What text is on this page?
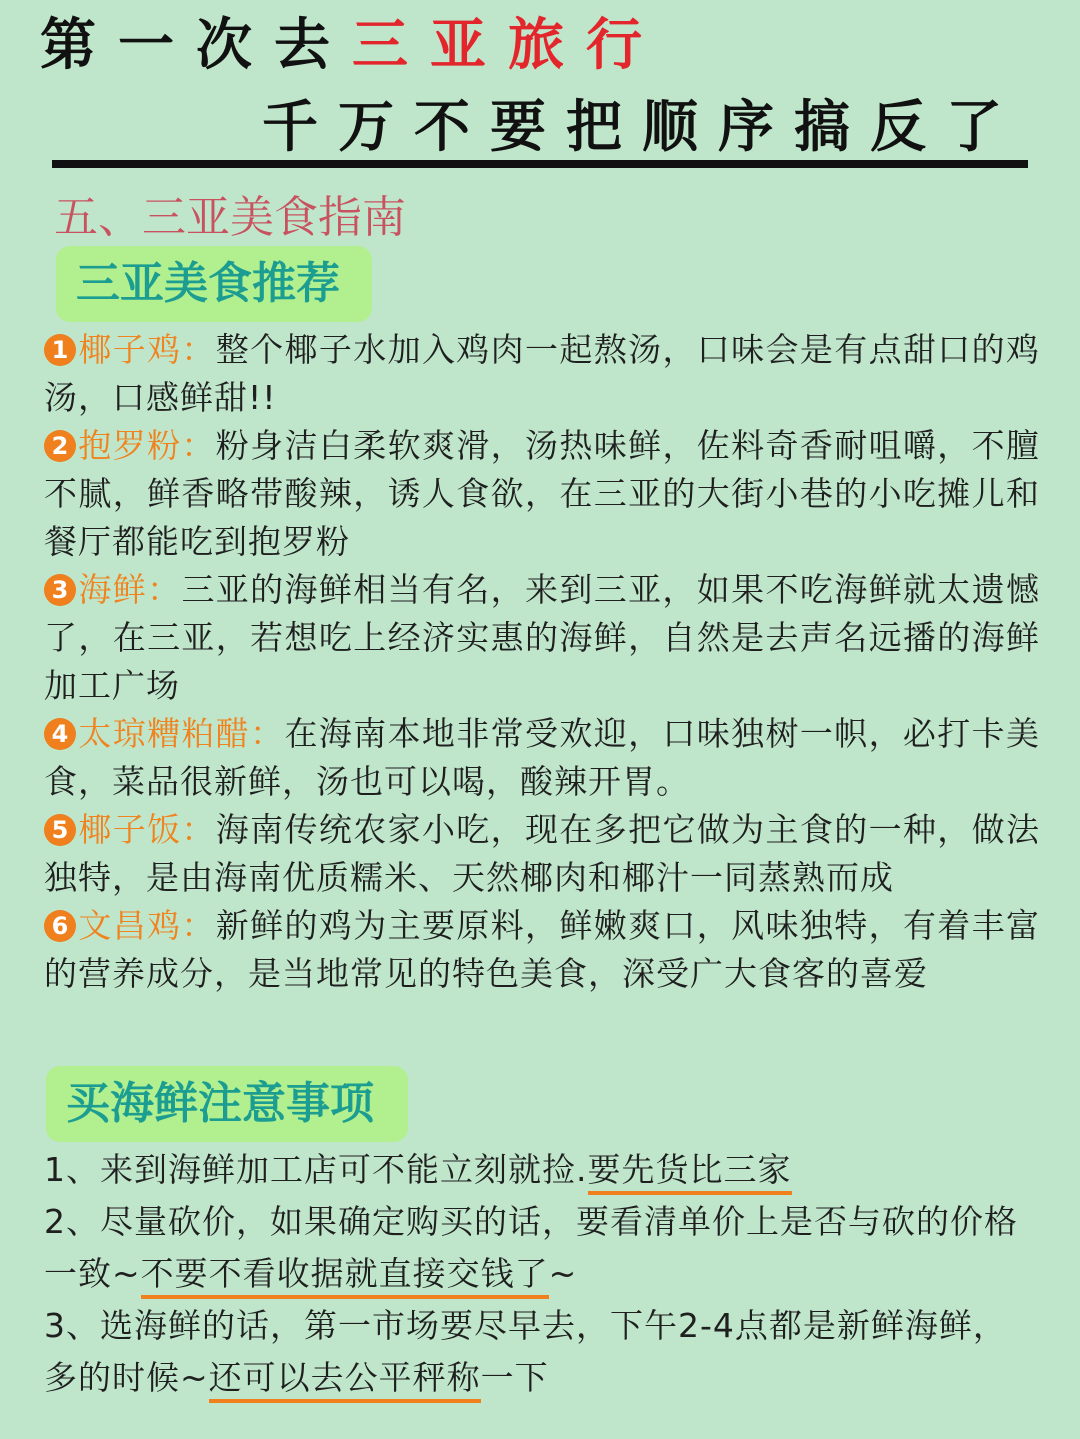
第一次去三亚旅行
千万不要把顺序搞反了
五、三亚美食指南
三亚美食推荐
1 椰子鸡：整个椰子水加入鸡肉一起熬汤，口味会是有点甜口的鸡汤，口感鲜甜!!
2 抱罗粉：粉身洁白柔软爽滑，汤热味鲜，佐料奇香耐咀嚼，不膻不腻，鲜香略带酸辣，诱人食欲，在三亚的大街小巷的小吃摊儿和餐厅都能吃到抱罗粉
3 海鲜：三亚的海鲜相当有名，来到三亚，如果不吃海鲜就太遗憾了，在三亚，若想吃上经济实惠的海鲜，自然是去声名远播的海鲜加工广场
4 太琼糟粕醋：在海南本地非常受欢迎，口味独树一帜，必打卡美食，菜品很新鲜，汤也可以喝，酸辣开胃。
5 椰子饭：海南传统农家小吃，现在多把它做为主食的一种，做法独特，是由海南优质糯米、天然椰肉和椰汁一同蒸熟而成
6 文昌鸡：新鲜的鸡为主要原料，鲜嫩爽口，风味独特，有着丰富的营养成分，是当地常见的特色美食，深受广大食客的喜爱
买海鲜注意事项
1、来到海鲜加工店可不能立刻就捡.要先货比三家
2、尽量砍价，如果确定购买的话，要看清单价上是否与砍的价格一致~不要不看收据就直接交钱了~
3、选海鲜的话，第一市场要尽早去，下午2-4点都是新鲜海鲜，多的时候~还可以去公平秤称一下
